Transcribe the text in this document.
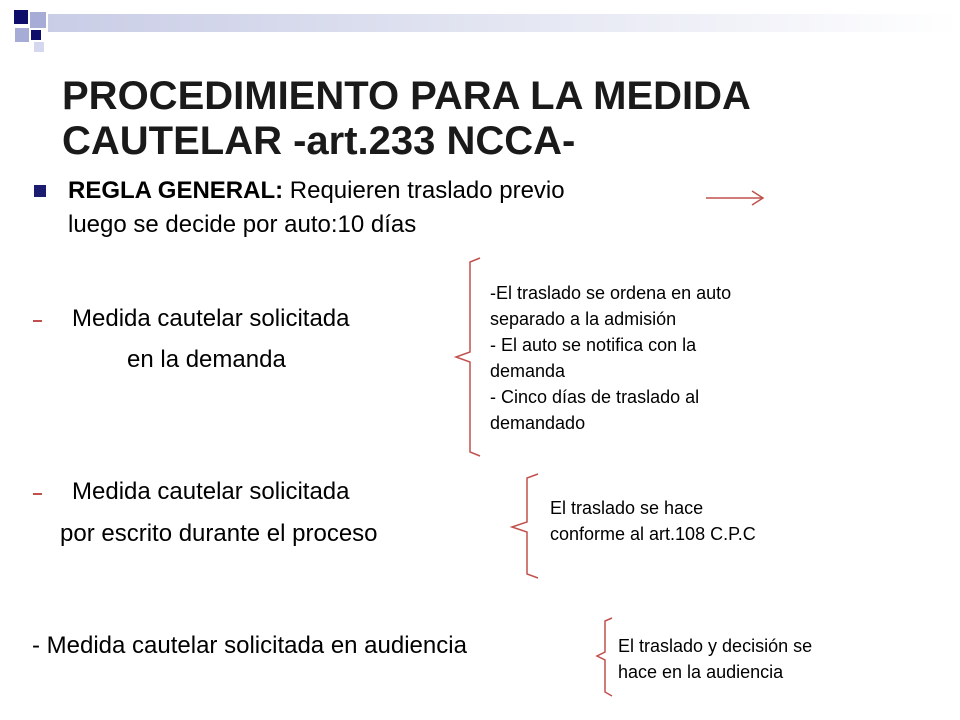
PROCEDIMIENTO PARA LA MEDIDA
CAUTELAR -art.233 NCCA-
REGLA GENERAL: Requieren traslado previo
luego se decide por auto:10 días
Medida cautelar solicitada
en la demanda
-El traslado se ordena en auto
separado a la admisión
- El auto se notifica con la
demanda
- Cinco días de traslado al
demandado
Medida cautelar solicitada
por escrito durante el proceso
El traslado se hace
conforme al art.108 C.P.C
- Medida cautelar solicitada en audiencia	El traslado y decisión se
hace en la audiencia
